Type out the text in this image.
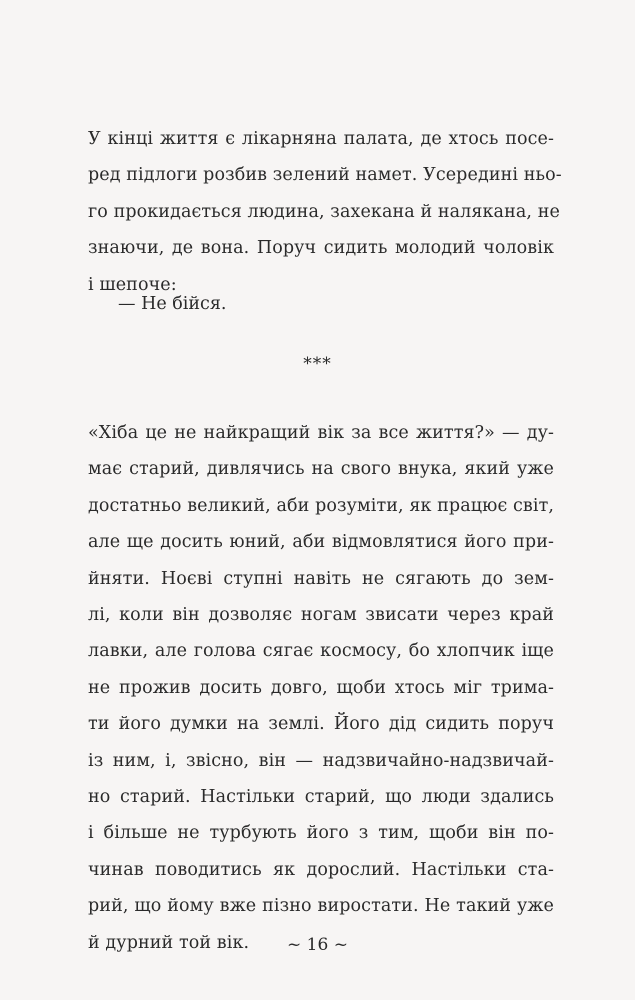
У кінці життя є лікарняна палата, де хтось посе-
ред підлоги розбив зелений намет. Усередині ньо-
го прокидається людина, захекана й налякана, не
знаючи, де вона. Поруч сидить молодий чоловік
і шепоче:
— Не бійся.
***
«Хіба це не найкращий вік за все життя?» — ду-
має старий, дивлячись на свого внука, який уже
достатньо великий, аби розуміти, як працює світ,
але ще досить юний, аби відмовлятися його при-
йняти. Ноєві ступні навіть не сягають до зем-
лі, коли він дозволяє ногам звисати через край
лавки, але голова сягає космосу, бо хлопчик іще
не прожив досить довго, щоби хтось міг трима-
ти його думки на землі. Його дід сидить поруч
із ним, і, звісно, він — надзвичайно-надзвичай-
но старий. Настільки старий, що люди здались
і більше не турбують його з тим, щоби він по-
чинав поводитись як дорослий. Настільки ста-
рий, що йому вже пізно виростати. Не такий уже
й дурний той вік.	~ 16 ~
